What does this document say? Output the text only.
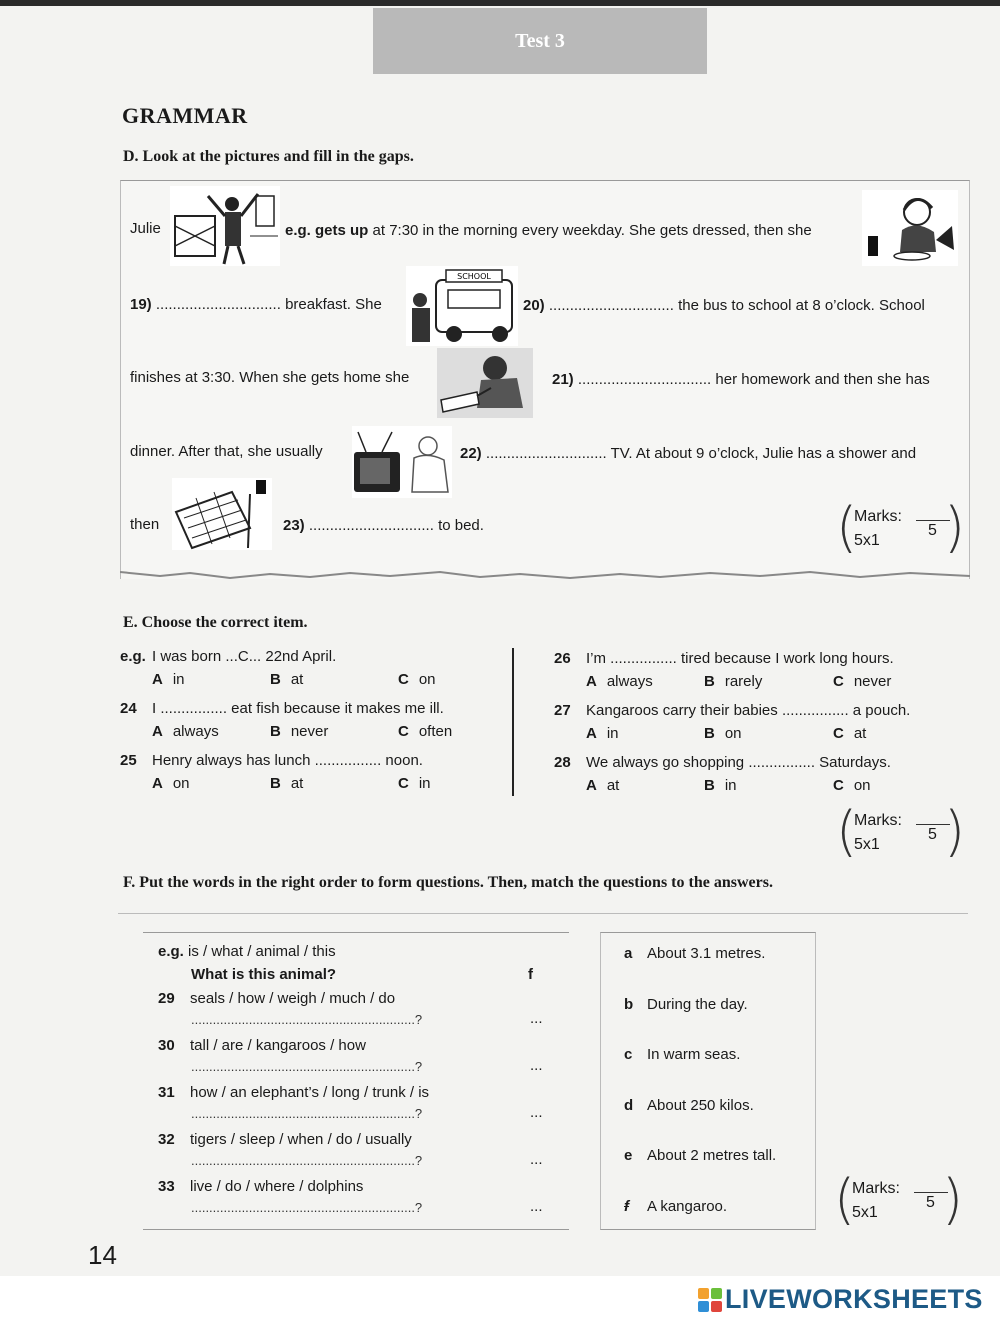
Test 3
GRAMMAR
D. Look at the pictures and fill in the gaps.
Julie	e.g. gets up at 7:30 in the morning every weekday. She gets dressed, then she
19) .............................. breakfast. She
SCHOOL
20) .............................. the bus to school at 8 o’clock. School
finishes at 3:30. When she gets home she	21) ................................ her homework and then she has
dinner. After that, she usually	22) ............................. TV. At about 9 o’clock, Julie has a shower and
then	23) .............................. to bed.	(
Marks:
5
5x1 )
E. Choose the correct item.
e.g. I was born ...C... 22nd April.
A in	B at	C on
24 I ................ eat fish because it makes me ill.
A always	B never	C often
25 Henry always has lunch ................ noon.
A on	B at	C in
26 I’m ................ tired because I work long hours.
A always	B rarely	C never
27 Kangaroos carry their babies ................ a pouch.
A in	B on	C at
28 We always go shopping ................ Saturdays.
A at	B in	C on
(
Marks:
5
5x1 )
F. Put the words in the right order to form questions. Then, match the questions to the answers.
e.g. is / what / animal / this
What is this animal?	f
29 seals / how / weigh / much / do
..............................................................?	...
30 tall / are / kangaroos / how
..............................................................?	...
31 how / an elephant’s / long / trunk / is
..............................................................?	...
32 tigers / sleep / when / do / usually
..............................................................?	...
33 live / do / where / dolphins
..............................................................?	...
a About 3.1 metres.
b During the day.
c In warm seas.
d About 250 kilos.
e About 2 metres tall.
f A kangaroo. (
Marks:
5
5x1 )
14
LIVEWORKSHEETS
